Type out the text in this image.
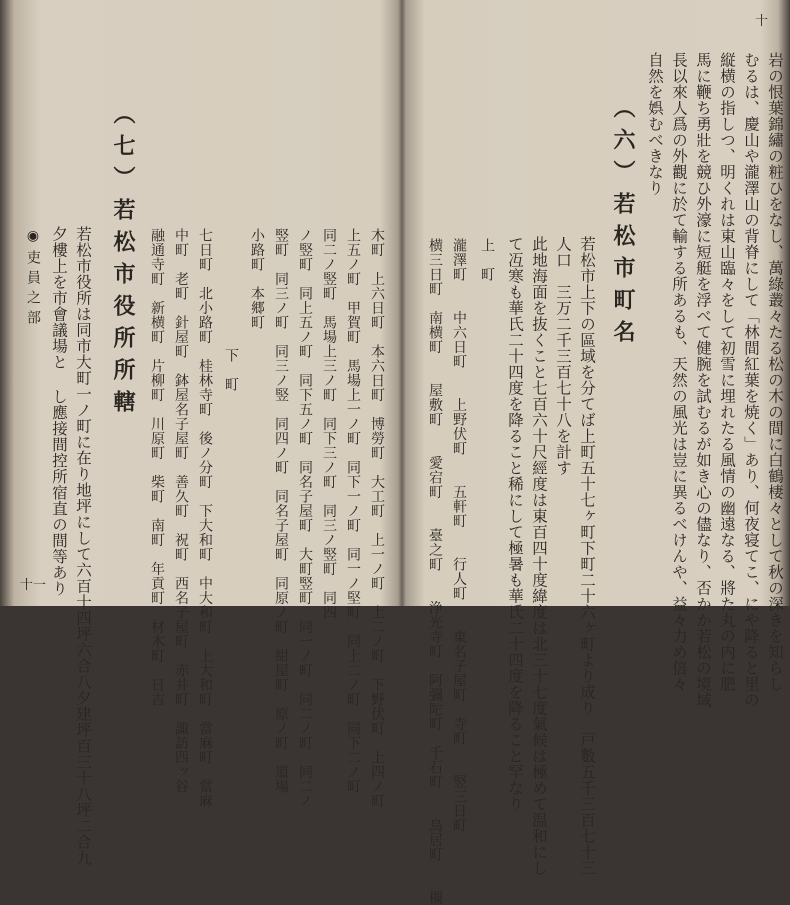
十
岩の恨葉錦繡の粧ひをなし、萬綠叢々たる松の木の間に白鶴棲々として秋の深きを知らし
むるは、慶山や瀧澤山の背脊にして「林間紅葉を焼く」あり、何夜寝てこ、にや降ると里の
縦横の指しつ、明くれは東山臨々をして初雪に埋れたる風情の幽遠なる、將た丸の内に肥
馬に鞭ち勇壯を競ひ外濠に短艇を浮べて健腕を試むるが如き心の儘なり、否かか若松の境域
長以來人爲の外觀に於て輸する所あるも、天然の風光は豈に異るべけんや、益々力め倍々
自然を娯むべきなり
（六）若松市町名
若松市上下の區域を分てば上町五十七ヶ町下町二十六ヶ町より成り　戸數五千三百七十三
人口　三万二千三百七十八を計す
此地海面を抜くこと七百六十尺經度は東百四十度緯度は北三十七度氣候は極めて温和にし
て冱寒も華氏二十四度を降ること稀にして極暑も華氏二十四度を降ること罕なり
上　町
瀧澤町　　中六日町　　上野伏町　　五軒町　　行人町　　東名子屋町　寺町　　竪三日町
横三日町　南横町　　屋敷町　　愛宕町　　臺之町　　浄光寺町　阿彌陀町　千石町　　鳥居町　　槻
十一	木町　上六日町　本六日町　博勞町　大工町　上一ノ町　上二ノ町　下野伏町　上四ノ町
上五ノ町　甲賀町　馬場上一ノ町　同下一ノ町　同一ノ堅町　同上二ノ町　同下二ノ町
同二ノ竪町　馬場上三ノ町　同下三ノ町　同三ノ竪町　同四
ノ竪町　同上五ノ町　同下五ノ町　同名子屋町　大町竪町　同一ノ町　同二ノ町　同二ノ
竪町　同三ノ町　同三ノ竪　同四ノ町　同名子屋町　同原ノ町　紺屋町　原ノ町　道場
小路町　本郷町
下　町
七日町　北小路町　桂林寺町　後ノ分町　下大和町　中大和町　上大和町　當麻町　當麻
中町　老町　針屋町　鉢屋名子屋町　善久町　祝町　西名子屋町　赤井町　諏訪四ッ谷
融通寺町　新横町　片柳町　川原町　柴町　南町　年貢町　材木町　日吉
（七）若松市役所所轄
若松市役所は同市大町一ノ町に在り地坪にして六百十四坪六合八夕建坪百三十八坪二合九
夕樓上を市會議場と し應接間控所宿直の間等あり
◉吏員之部
